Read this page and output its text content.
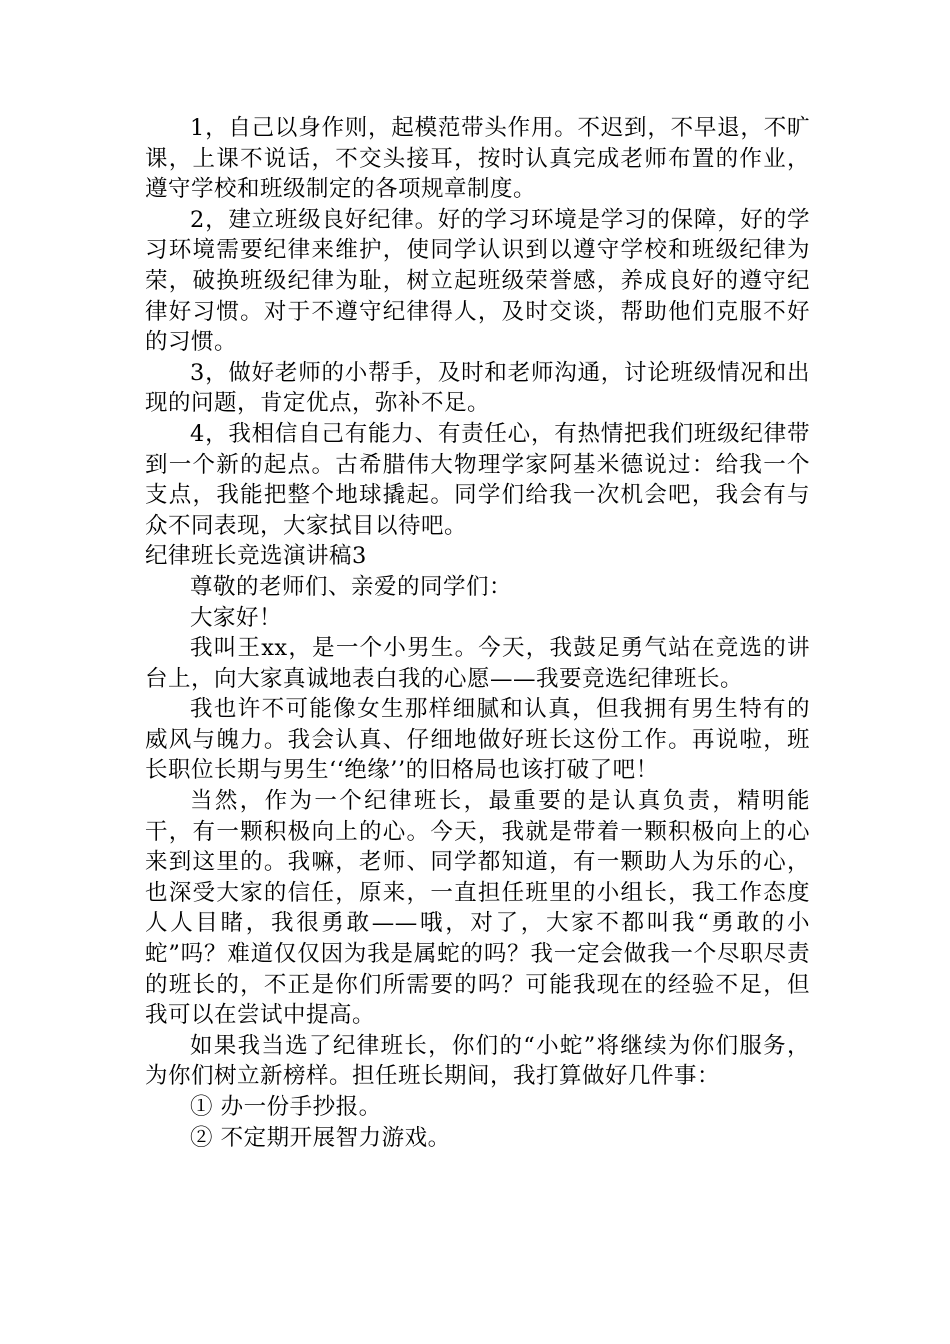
1，自己以身作则，起模范带头作用。不迟到，不早退，不旷课，上课不说话，不交头接耳，按时认真完成老师布置的作业，遵守学校和班级制定的各项规章制度。

2，建立班级良好纪律。好的学习环境是学习的保障，好的学习环境需要纪律来维护，使同学认识到以遵守学校和班级纪律为荣，破换班级纪律为耻，树立起班级荣誉感，养成良好的遵守纪律好习惯。对于不遵守纪律得人，及时交谈，帮助他们克服不好的习惯。

3，做好老师的小帮手，及时和老师沟通，讨论班级情况和出现的问题，肯定优点，弥补不足。

4，我相信自己有能力、有责任心，有热情把我们班级纪律带到一个新的起点。古希腊伟大物理学家阿基米德说过：给我一个支点，我能把整个地球撬起。同学们给我一次机会吧，我会有与众不同表现，大家拭目以待吧。

纪律班长竞选演讲稿3

尊敬的老师们、亲爱的同学们：

大家好！

我叫王xx，是一个小男生。今天，我鼓足勇气站在竞选的讲台上，向大家真诚地表白我的心愿——我要竞选纪律班长。

我也许不可能像女生那样细腻和认真，但我拥有男生特有的威风与魄力。我会认真、仔细地做好班长这份工作。再说啦，班长职位长期与男生‘‘绝缘’’的旧格局也该打破了吧！

当然，作为一个纪律班长，最重要的是认真负责，精明能干，有一颗积极向上的心。今天，我就是带着一颗积极向上的心来到这里的。我嘛，老师、同学都知道，有一颗助人为乐的心，也深受大家的信任，原来，一直担任班里的小组长，我工作态度人人目睹，我很勇敢——哦，对了，大家不都叫我“勇敢的小蛇”吗？难道仅仅因为我是属蛇的吗？我一定会做我一个尽职尽责的班长的，不正是你们所需要的吗？可能我现在的经验不足，但我可以在尝试中提高。

如果我当选了纪律班长，你们的“小蛇”将继续为你们服务，为你们树立新榜样。担任班长期间，我打算做好几件事：

① 办一份手抄报。

② 不定期开展智力游戏。
